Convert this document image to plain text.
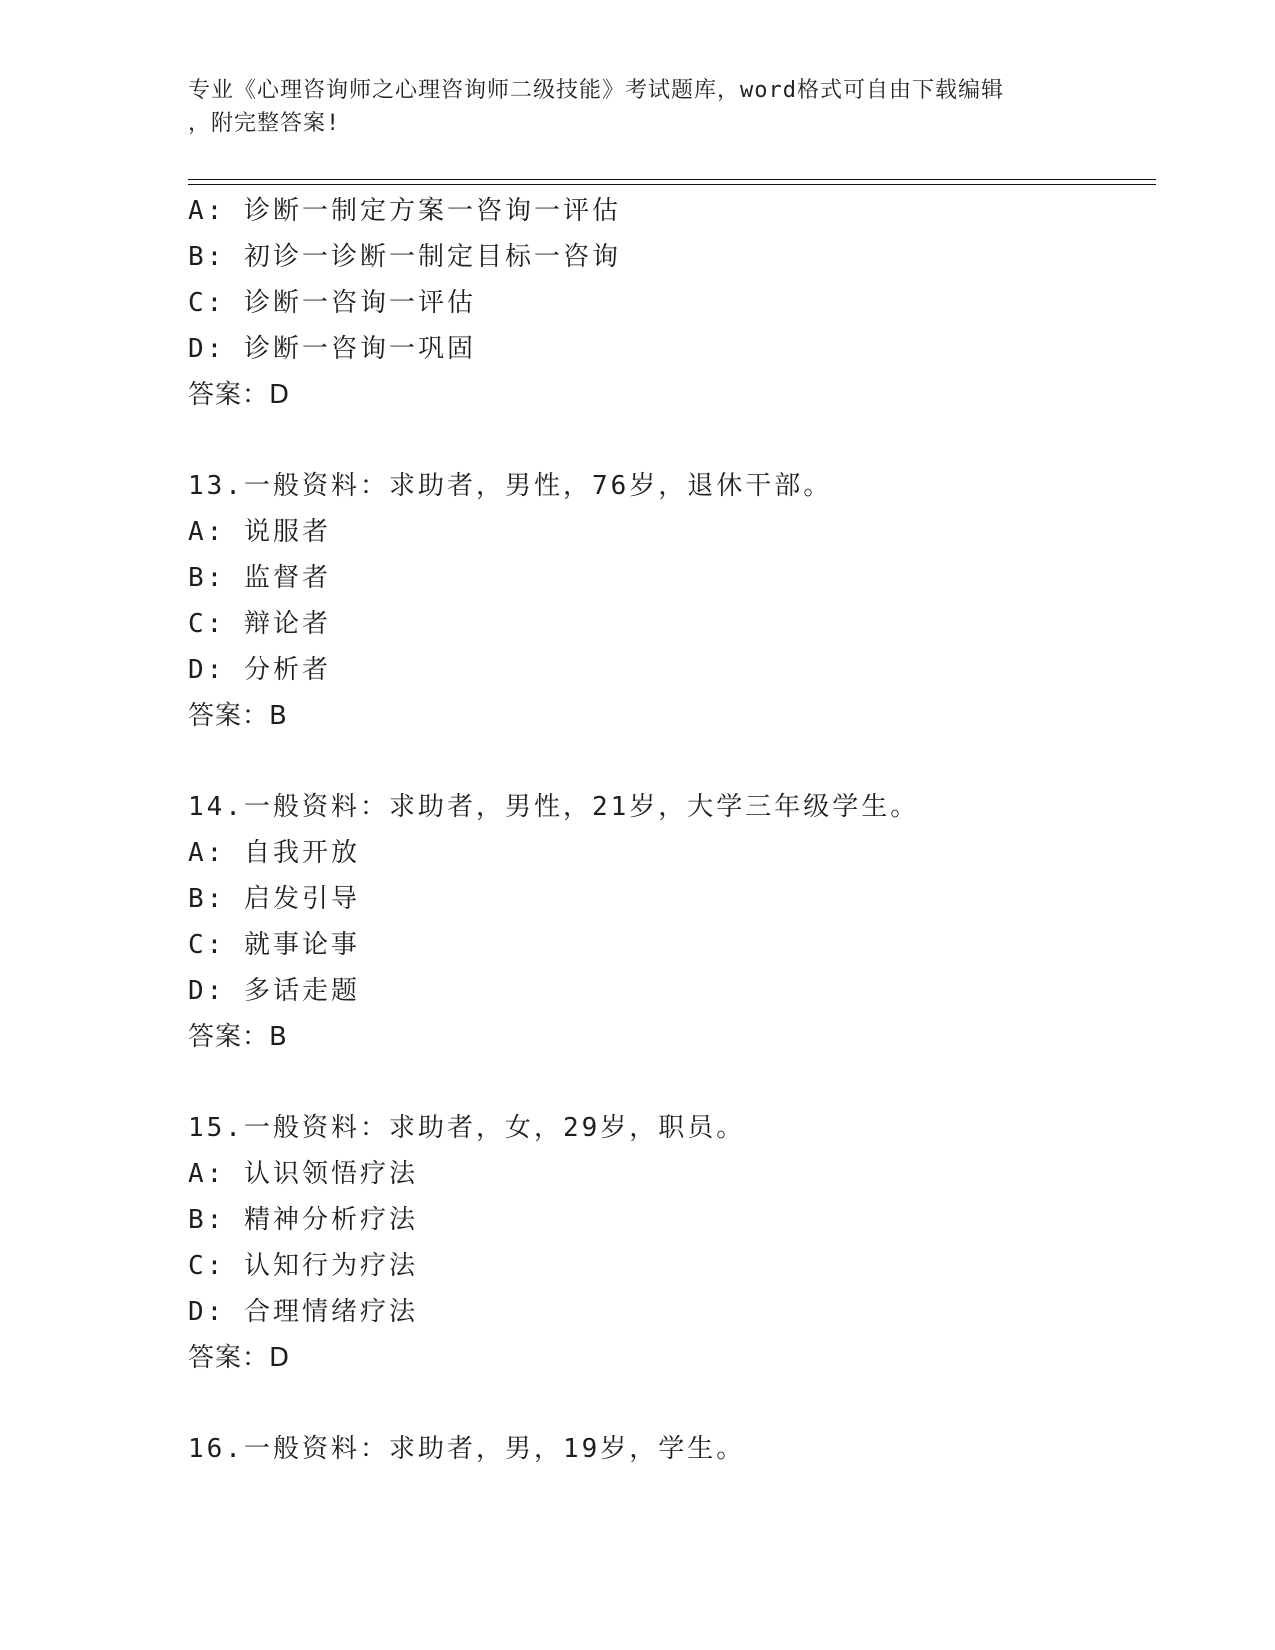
专业《心理咨询师之心理咨询师二级技能》考试题库，word格式可自由下载编辑
，附完整答案!
A: 诊断一制定方案一咨询一评估
B: 初诊一诊断一制定目标一咨询
C: 诊断一咨询一评估
D: 诊断一咨询一巩固
答案：D
13.一般资料：求助者，男性，76岁，退休干部。
A: 说服者
B: 监督者
C: 辩论者
D: 分析者
答案：B
14.一般资料：求助者，男性，21岁，大学三年级学生。
A: 自我开放
B: 启发引导
C: 就事论事
D: 多话走题
答案：B
15.一般资料：求助者，女，29岁，职员。
A: 认识领悟疗法
B: 精神分析疗法
C: 认知行为疗法
D: 合理情绪疗法
答案：D
16.一般资料：求助者，男，19岁，学生。
